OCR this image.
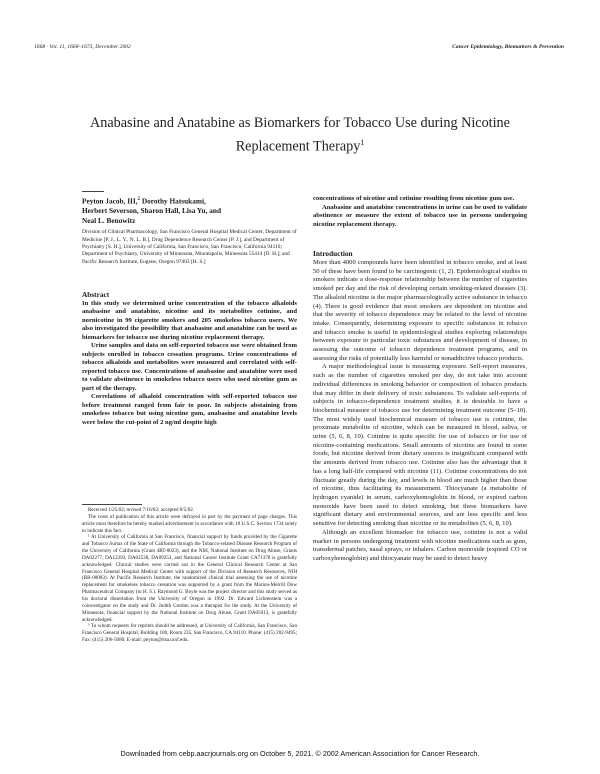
1668 · Vol. 11, 1668–1673, December 2002	Cancer Epidemiology, Biomarkers & Prevention
Anabasine and Anatabine as Biomarkers for Tobacco Use during Nicotine Replacement Therapy$^1$

Peyton Jacob, III,$^2$ Dorothy Hatsukami,
Herbert Severson, Sharon Hall, Lisa Yu, and
Neal L. Benowitz

Division of Clinical Pharmacology, San Francisco General Hospital Medical Center, Department of Medicine [P. J., L. Y., N. L. B.], Drug Dependence Research Center [P. J.], and Department of Psychiatry [S. H.], University of California, San Francisco, San Francisco, California 94110; Department of Psychiatry, University of Minnesota, Minneapolis, Minnesota 55414 [D. H.]; and Pacific Research Institute, Eugene, Oregon 97403 [H. S.]

Abstract

In this study we determined urine concentration of the tobacco alkaloids anabasine and anatabine, nicotine and its metabolites cotinine, and nornicotine in 99 cigarette smokers and 205 smokeless tobacco users. We also investigated the possibility that anabasine and anatabine can be used as biomarkers for tobacco use during nicotine replacement therapy.

Urine samples and data on self-reported tobacco use were obtained from subjects enrolled in tobacco cessation programs. Urine concentrations of tobacco alkaloids and metabolites were measured and correlated with self-reported tobacco use. Concentrations of anabasine and anatabine were used to validate abstinence in smokeless tobacco users who used nicotine gum as part of the therapy.

Correlations of alkaloid concentration with self-reported tobacco use before treatment ranged from fair to poor. In subjects abstaining from smokeless tobacco but using nicotine gum, anabasine and anatabine levels were below the cut-point of 2 ng/ml despite high

Received 1/25/02; revised 7/16/02; accepted 8/5/02.

The costs of publication of this article were defrayed in part by the payment of page charges. This article must therefore be hereby marked advertisement in accordance with 18 U.S.C. Section 1734 solely to indicate this fact.

¹ At University of California at San Francisco, financial support by funds provided by the Cigarette and Tobacco Surtax of the State of California through the Tobacco-related Disease Research Program of the University of California (Grant 4RT-0023), and the NIH, National Institute on Drug Abuse, Grants DA02277, DA12393, DA02538, DA09253, and National Cancer Institute Grant CA71378 is gratefully acknowledged. Clinical studies were carried out in the General Clinical Research Center at San Francisco General Hospital Medical Center with support of the Division of Research Resources, NIH (RR-00083). At Pacific Research Institute, the randomized clinical trial assessing the use of nicotine replacement for smokeless tobacco cessation was supported by a grant from the Marion-Merrill Dow Pharmaceutical Company (to H. S.). Raymond G. Boyle was the project director and this study served as his doctoral dissertation from the University of Oregon in 1992. Dr. Edward Lichtenstein was a coinvestigator on the study and Dr. Judith Gordon was a therapist for the study. At the University of Minnesota, financial support by the National Institute on Drug Abuse, Grant DA05013, is gratefully acknowledged.

² To whom requests for reprints should be addressed, at University of California, San Francisco, San Francisco General Hospital, Building 100, Room 235, San Francisco, CA 94110. Phone: (415) 282-9495; Fax: (415) 206-5080; E-mail: peyton@itsa.ucsf.edu.

concentrations of nicotine and cotinine resulting from nicotine gum use.

Anabasine and anatabine concentrations in urine can be used to validate abstinence or measure the extent of tobacco use in persons undergoing nicotine replacement therapy.

Introduction

More than 4000 compounds have been identified in tobacco smoke, and at least 50 of these have been found to be carcinogenic (1, 2). Epidemiological studies in smokers indicate a dose-response relationship between the number of cigarettes smoked per day and the risk of developing certain smoking-related diseases (3). The alkaloid nicotine is the major pharmacologically active substance in tobacco (4). There is good evidence that most smokers are dependent on nicotine and that the severity of tobacco dependence may be related to the level of nicotine intake. Consequently, determining exposure to specific substances in tobacco and tobacco smoke is useful in epidemiological studies exploring relationships between exposure to particular toxic substances and development of disease, in assessing the outcome of tobacco dependence treatment programs, and in assessing the risks of potentially less harmful or nonaddictive tobacco products.

A major methodological issue is measuring exposure. Self-report measures, such as the number of cigarettes smoked per day, do not take into account individual differences in smoking behavior or composition of tobacco products that may differ in their delivery of toxic substances. To validate self-reports of subjects in tobacco-dependence treatment studies, it is desirable to have a biochemical measure of tobacco use for determining treatment outcome (5–10). The most widely used biochemical measure of tobacco use is cotinine, the proximate metabolite of nicotine, which can be measured in blood, saliva, or urine (5, 6, 8, 10). Cotinine is quite specific for use of tobacco or for use of nicotine-containing medications. Small amounts of nicotine are found in some foods, but nicotine derived from dietary sources is insignificant compared with the amounts derived from tobacco use. Cotinine also has the advantage that it has a long half-life compared with nicotine (11). Cotinine concentrations do not fluctuate greatly during the day, and levels in blood are much higher than those of nicotine, thus facilitating its measurement. Thiocyanate (a metabolite of hydrogen cyanide) in serum, carboxyhemoglobin in blood, or expired carbon monoxide have been used to detect smoking, but these biomarkers have significant dietary and environmental sources, and are less specific and less sensitive for detecting smoking than nicotine or its metabolites (5, 6, 8, 10).

Although an excellent biomarker for tobacco use, cotinine is not a valid marker in persons undergoing treatment with nicotine medications such as gum, transdermal patches, nasal sprays, or inhalers. Carbon monoxide (expired CO or carboxyhemoglobin) and thiocyanate may be used to detect heavy

Downloaded from cebp.aacrjournals.org on October 5, 2021. © 2002 American Association for Cancer Research.
